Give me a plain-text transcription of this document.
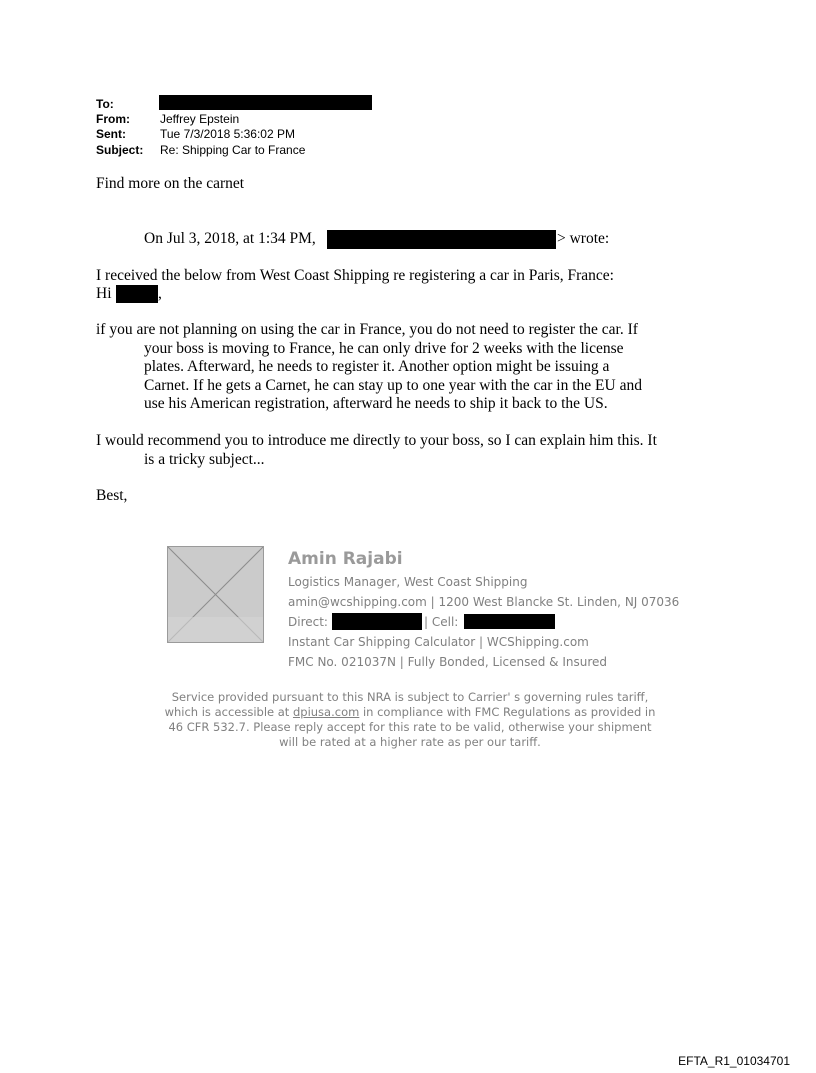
To:
From:	Jeffrey Epstein
Sent:	Tue 7/3/2018 5:36:02 PM
Subject: Re: Shipping Car to France
Find more on the carnet
On Jul 3, 2018, at 1:34 PM,	> wrote:
I received the below from West Coast Shipping re registering a car in Paris, France:
Hi	,
if you are not planning on using the car in France, you do not need to register the car. If
your boss is moving to France, he can only drive for 2 weeks with the license
plates. Afterward, he needs to register it. Another option might be issuing a
Carnet. If he gets a Carnet, he can stay up to one year with the car in the EU and
use his American registration, afterward he needs to ship it back to the US.
I would recommend you to introduce me directly to your boss, so I can explain him this. It
is a tricky subject...
Best,
Amin Rajabi
Logistics Manager, West Coast Shipping
amin@wcshipping.com | 1200 West Blancke St. Linden, NJ 07036
Direct:	| Cell:
Instant Car Shipping Calculator | WCShipping.com
FMC No. 021037N | Fully Bonded, Licensed & Insured
Service provided pursuant to this NRA is subject to Carrier' s governing rules tariff,
which is accessible at dpiusa.com in compliance with FMC Regulations as provided in
46 CFR 532.7. Please reply accept for this rate to be valid, otherwise your shipment
will be rated at a higher rate as per our tariff.
EFTA_R1_01034701
